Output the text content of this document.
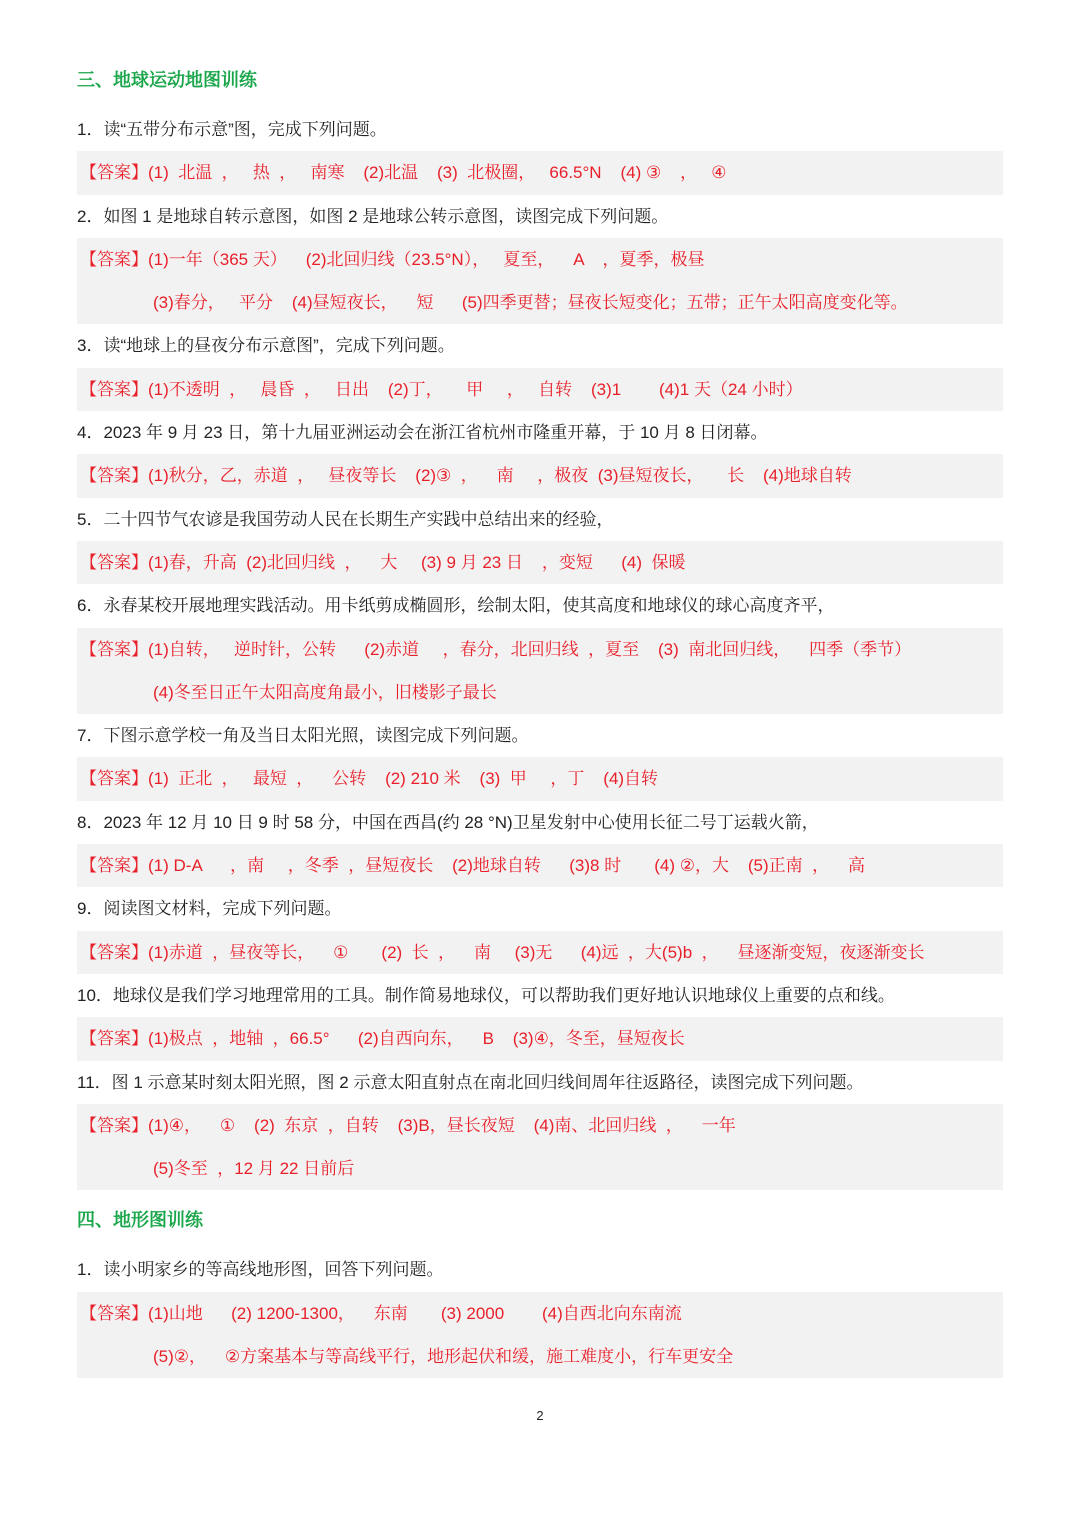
三、地球运动地图训练
1．读“五带分布示意”图，完成下列问题。
【答案】(1)  北温  ，   热  ，   南寒    (2)北温    (3)  北极圈，   66.5°N    (4) ③    ，   ④
2．如图 1 是地球自转示意图，如图 2 是地球公转示意图，读图完成下列问题。
【答案】(1)一年（365 天）    (2)北回归线（23.5°N），   夏至，    A    ，夏季，极昼
(3)春分，   平分    (4)昼短夜长，    短      (5)四季更替；昼夜长短变化；五带；正午太阳高度变化等。
3．读“地球上的昼夜分布示意图”，完成下列问题。
【答案】(1)不透明  ，   晨昏  ，   日出    (2)丁，     甲     ，   自转    (3)1        (4)1 天（24 小时）
4．2023 年 9 月 23 日，第十九届亚洲运动会在浙江省杭州市隆重开幕，于 10 月 8 日闭幕。
【答案】(1)秋分，乙，赤道  ，   昼夜等长    (2)③  ，    南     ，极夜  (3)昼短夜长，     长    (4)地球自转
5．二十四节气农谚是我国劳动人民在长期生产实践中总结出来的经验，
【答案】(1)春，升高  (2)北回归线  ，    大     (3) 9 月 23 日    ，变短      (4)  保暖
6．永春某校开展地理实践活动。用卡纸剪成椭圆形，绘制太阳，使其高度和地球仪的球心高度齐平，
【答案】(1)自转，   逆时针，公转      (2)赤道     ，春分，北回归线  ，夏至    (3)  南北回归线，    四季（季节）
(4)冬至日正午太阳高度角最小，旧楼影子最长
7．下图示意学校一角及当日太阳光照，读图完成下列问题。
【答案】(1)  正北  ，   最短  ，    公转    (2) 210 米    (3)  甲     ，丁    (4)自转
8．2023 年 12 月 10 日 9 时 58 分，中国在西昌(约 28 °N)卫星发射中心使用长征二号丁运载火箭，
【答案】(1) D-A      ，南     ，冬季  ，昼短夜长    (2)地球自转      (3)8 时       (4) ②，大    (5)正南  ，    高
9．阅读图文材料，完成下列问题。
【答案】(1)赤道  ，昼夜等长，    ①       (2)  长  ，    南     (3)无      (4)远  ，大(5)b  ，    昼逐渐变短，夜逐渐变长
10．地球仪是我们学习地理常用的工具。制作简易地球仪，可以帮助我们更好地认识地球仪上重要的点和线。
【答案】(1)极点  ，地轴  ，66.5°      (2)自西向东，    B    (3)④，冬至，昼短夜长
11．图 1 示意某时刻太阳光照，图 2 示意太阳直射点在南北回归线间周年往返路径，读图完成下列问题。
【答案】(1)④，    ①    (2)  东京  ，自转    (3)B，昼长夜短    (4)南、北回归线  ，    一年
(5)冬至  ，12 月 22 日前后
四、地形图训练
1．读小明家乡的等高线地形图，回答下列问题。
【答案】(1)山地      (2) 1200-1300，    东南       (3) 2000        (4)自西北向东南流
(5)②，    ②方案基本与等高线平行，地形起伏和缓，施工难度小，行车更安全
2
